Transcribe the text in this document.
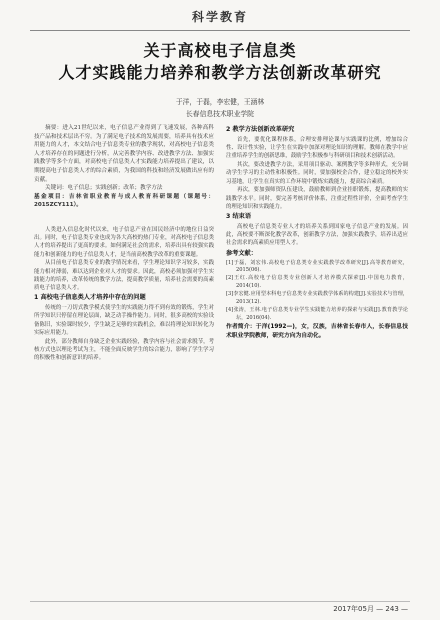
科学教育
关于高校电子信息类
人才实践能力培养和教学方法创新改革研究
于洋，于磊，李宏健，王涵林
长春信息技术职业学院

摘要：进入21世纪以来，电子信息产业得到了飞速发展，各种高科技产品和技术层出不穷。为了满足电子技术的发展需要，培养具有技术应用能力的人才，本文结合电子信息类专业的教学现状，对高校电子信息类人才培养存在的问题进行分析，从完善教学内容、改进教学方法、加强实践教学等多个方面，对高校电子信息类人才实践能力培养提出了建议，以期提高电子信息类人才的综合素质，为我国的科技和经济发展做出应有的贡献。

关键词：电子信息；实践创新；改革；教学方法

基金项目：吉林省职业教育与成人教育科研课题（课题号：2015ZCY111）。

人类进入信息化时代以来，电子信息产业在国民经济中的地位日益突出。同时，电子信息类专业也成为各大高校的热门专业，对高校电子信息类人才的培养提出了更高的要求。如何满足社会的需求，培养出具有较强实践能力和创新能力的电子信息类人才，是当前高校教学改革的重要课题。

从目前电子信息类专业的教学情况来看，学生理论知识学习较多，实践能力相对薄弱，难以达到企业对人才的要求。因此，高校必须加强对学生实践能力的培养，改革传统的教学方法，提高教学质量，培养社会需要的高素质电子信息类人才。

1 高校电子信息类人才培养中存在的问题

传统的一刀切式教学模式使学生的实践能力得不到有效的锻炼，学生对所学知识只停留在理论层面，缺乏动手操作能力。同时，很多高校的实验设备陈旧，实验课时较少，学生缺乏足够的实践机会，难以将理论知识转化为实际应用能力。

此外，部分教师自身缺乏企业实践经验，教学内容与社会需求脱节，考核方式也以理论考试为主，不能全面反映学生的综合能力，影响了学生学习的积极性和创新意识的培养。

2 教学方法创新改革研究

首先，要优化课程体系，合理安排理论课与实践课的比例，增加综合性、设计性实验，让学生在实践中加深对理论知识的理解。教师在教学中应注重培养学生的创新思维，鼓励学生积极参与科研项目和技术创新活动。

其次，要改进教学方法，采用项目驱动、案例教学等多种形式，充分调动学生学习的主动性和积极性。同时，要加强校企合作，建立稳定的校外实习基地，让学生在真实的工作环境中锻炼实践能力，提高综合素质。

再次，要加强师资队伍建设，鼓励教师到企业挂职锻炼，提高教师的实践教学水平。同时，要完善考核评价体系，注重过程性评价，全面考查学生的理论知识和实践能力。

3 结束语

高校电子信息类专业人才的培养关系到国家电子信息产业的发展。因此，高校要不断深化教学改革，创新教学方法，加强实践教学，培养出适应社会需求的高素质应用型人才。

参考文献：

[1]于磊，刘宏伟.高校电子信息类专业实践教学改革研究[J].高等教育研究，2015(06).

[2]王红.高校电子信息类专业创新人才培养模式探索[J].中国电力教育，2014(10).

[3]李宏健.应用型本科电子信息类专业实践教学体系的构建[J].实验技术与管理，2013(12).

[4]张涛，王林.电子信息类专业学生实践能力培养的探索与实践[J].教育教学论坛，2016(04).

作者简介：于洋(1992—)，女，汉族，吉林省长春市人，长春信息技术职业学院教师，研究方向为自动化。

2017年05月 — 243 —
